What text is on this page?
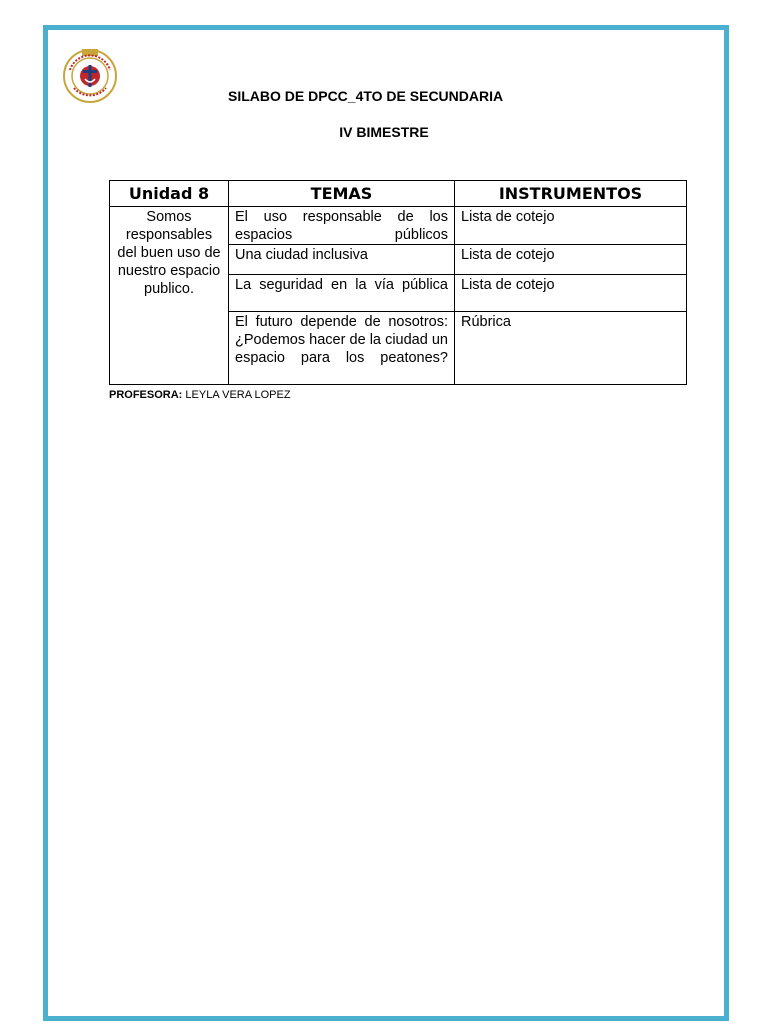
SILABO DE DPCC_4TO DE SECUNDARIA
IV BIMESTRE
Unidad 8	TEMAS	INSTRUMENTOS
Somos responsables del buen uso de nuestro espacio publico.	El uso responsable de los espacios públicos	Lista de cotejo
	Una ciudad inclusiva	Lista de cotejo
	La seguridad en la vía pública	Lista de cotejo
	El futuro depende de nosotros: ¿Podemos hacer de la ciudad un espacio para los peatones?	Rúbrica
PROFESORA: LEYLA VERA LOPEZ
